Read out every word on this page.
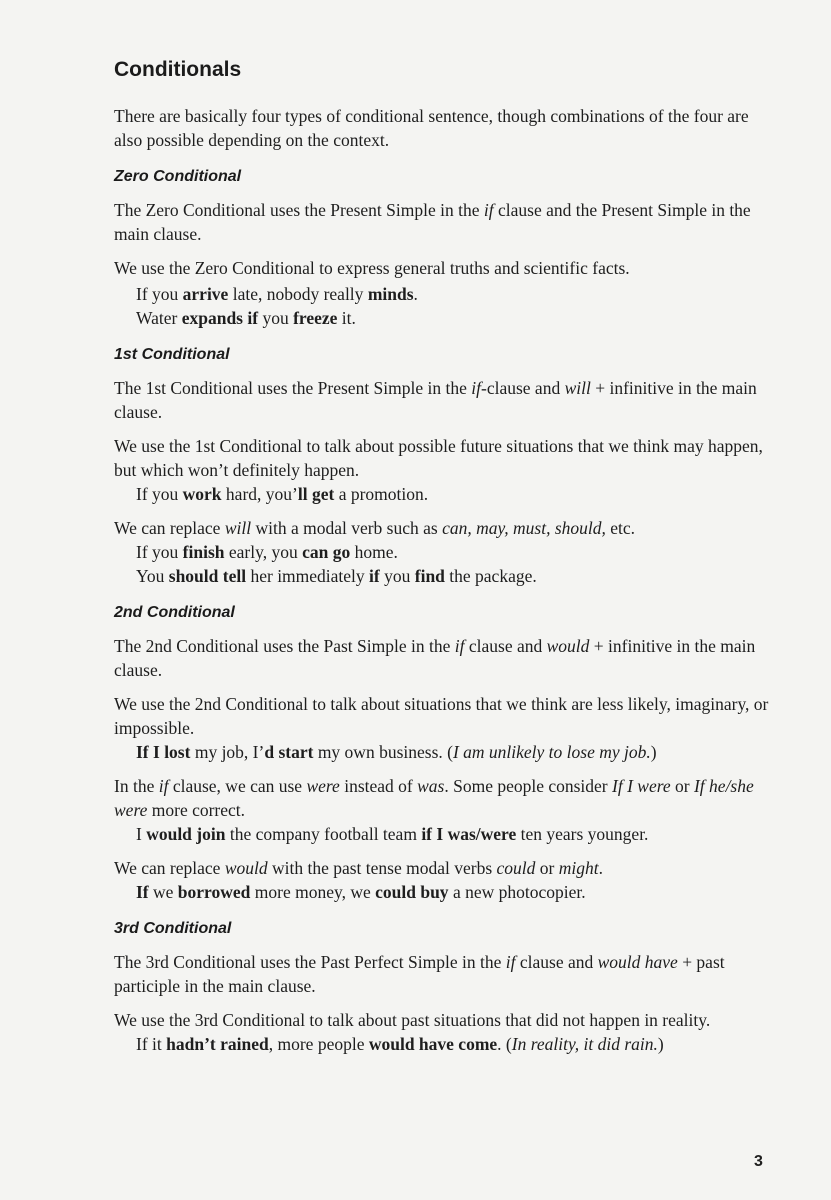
Conditionals

There are basically four types of conditional sentence, though combinations of the four are also possible depending on the context.

Zero Conditional

The Zero Conditional uses the Present Simple in the if clause and the Present Simple in the main clause.

We use the Zero Conditional to express general truths and scientific facts.

If you arrive late, nobody really minds.
Water expands if you freeze it.
1st Conditional

The 1st Conditional uses the Present Simple in the if-clause and will + infinitive in the main clause.

We use the 1st Conditional to talk about possible future situations that we think may happen, but which won’t definitely happen.

If you work hard, you’ll get a promotion.

We can replace will with a modal verb such as can, may, must, should, etc.

If you finish early, you can go home.
You should tell her immediately if you find the package.
2nd Conditional

The 2nd Conditional uses the Past Simple in the if clause and would + infinitive in the main clause.

We use the 2nd Conditional to talk about situations that we think are less likely, imaginary, or impossible.

If I lost my job, I’d start my own business. (I am unlikely to lose my job.)

In the if clause, we can use were instead of was. Some people consider If I were or If he/she were more correct.

I would join the company football team if I was/were ten years younger.

We can replace would with the past tense modal verbs could or might.

If we borrowed more money, we could buy a new photocopier.
3rd Conditional

The 3rd Conditional uses the Past Perfect Simple in the if clause and would have + past participle in the main clause.

We use the 3rd Conditional to talk about past situations that did not happen in reality.

If it hadn’t rained, more people would have come. (In reality, it did rain.)
3
